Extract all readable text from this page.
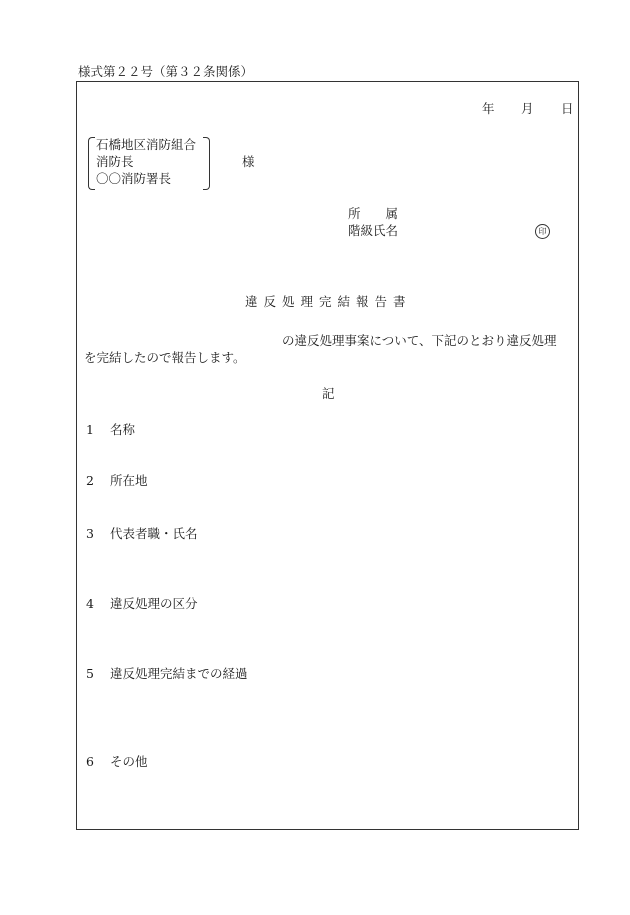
様式第２２号（第３２条関係）
年 月 日
石橋地区消防組合
消防長
〇〇消防署長
様
所　　属
階級氏名	印
違反処理完結報告書
の違反処理事案について、下記のとおり違反処理
を完結したので報告します。
記
1 名称
2 所在地
3 代表者職・氏名
4 違反処理の区分
5 違反処理完結までの経過
6 その他
